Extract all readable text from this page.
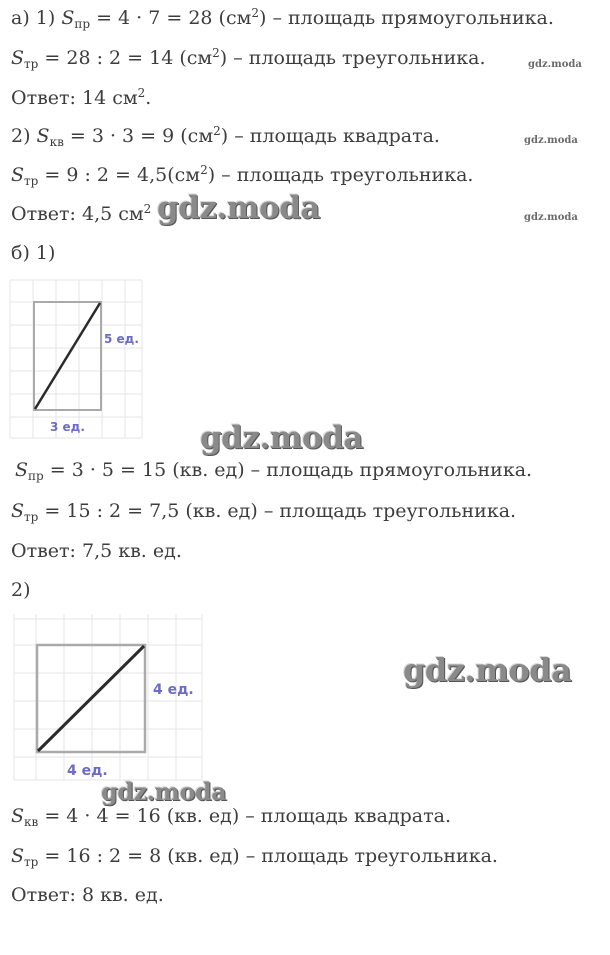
а) 1) $S_{пр} = 4 \cdot 7 = 28$ $(см^2)$ – площадь прямоугольника.
$S_{тр} = 28$ : 2 = 14 $(см^2)$ – площадь треугольника.
Ответ: 14 $см^2$.
2) $S_{кв} = 3 \cdot 3 = 9$ $(см^2)$ – площадь квадрата.
$S_{тр} = 9$ : $2 = 4,5(см^2)$ – площадь треугольника.
Ответ: 4,5 $см^2$
б) 1)
5 ед.
3 ед.
$S_{пр} = 3 \cdot 5 = 15$ (кв. ед) – площадь прямоугольника.
$S_{тр} = 15$ : 2 = 7,5 (кв. ед) – площадь треугольника.
Ответ: 7,5 кв. ед.
2)
4 ед.
4 ед.
$S_{кв} = 4 \cdot 4 = 16$ (кв. ед) – площадь квадрата.
$S_{тр} = 16$ : 2 = 8 (кв. ед) – площадь треугольника.
Ответ: 8 кв. ед.
gdz.moda
gdz.moda
gdz.moda
gdz.moda
gdz.moda
gdz.moda
gdz.moda
